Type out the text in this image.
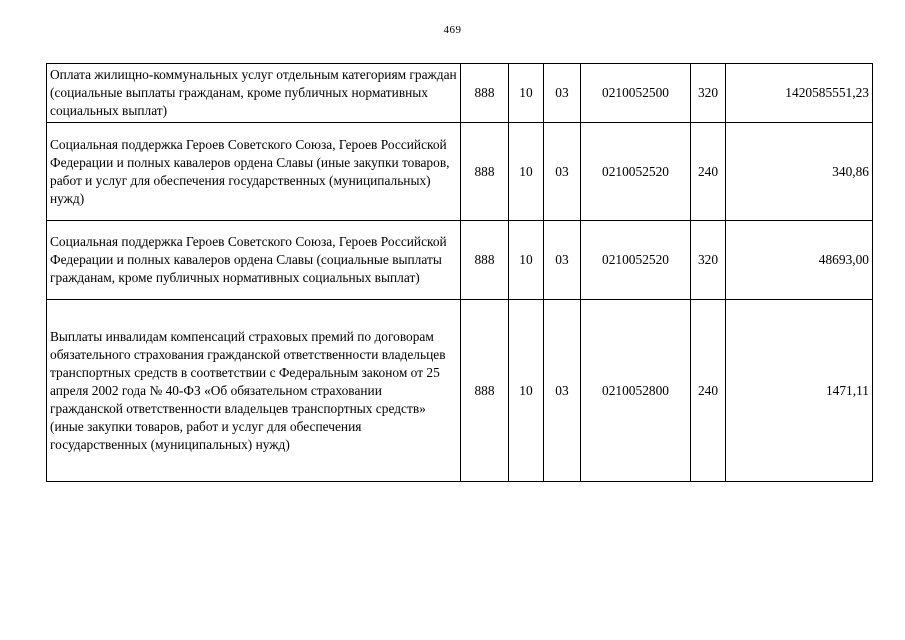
469
Оплата жилищно-коммунальных услуг отдельным категориям граждан (социальные выплаты гражданам, кроме публичных нормативных социальных выплат)	888	10	03	0210052500	320	1420585551,23
Социальная поддержка Героев Советского Союза, Героев Российской Федерации и полных кавалеров ордена Славы (иные закупки товаров, работ и услуг для обеспечения государственных (муниципальных) нужд)	888	10	03	0210052520	240	340,86
Социальная поддержка Героев Советского Союза, Героев Российской Федерации и полных кавалеров ордена Славы (социальные выплаты гражданам, кроме публичных нормативных социальных выплат)	888	10	03	0210052520	320	48693,00
Выплаты инвалидам компенсаций страховых премий по договорам обязательного страхования гражданской ответственности владельцев транспортных средств в соответствии с Федеральным законом от 25 апреля 2002 года № 40-ФЗ «Об обязательном страховании гражданской ответственности владельцев транспортных средств» (иные закупки товаров, работ и услуг для обеспечения государственных (муниципальных) нужд)	888	10	03	0210052800	240	1471,11
